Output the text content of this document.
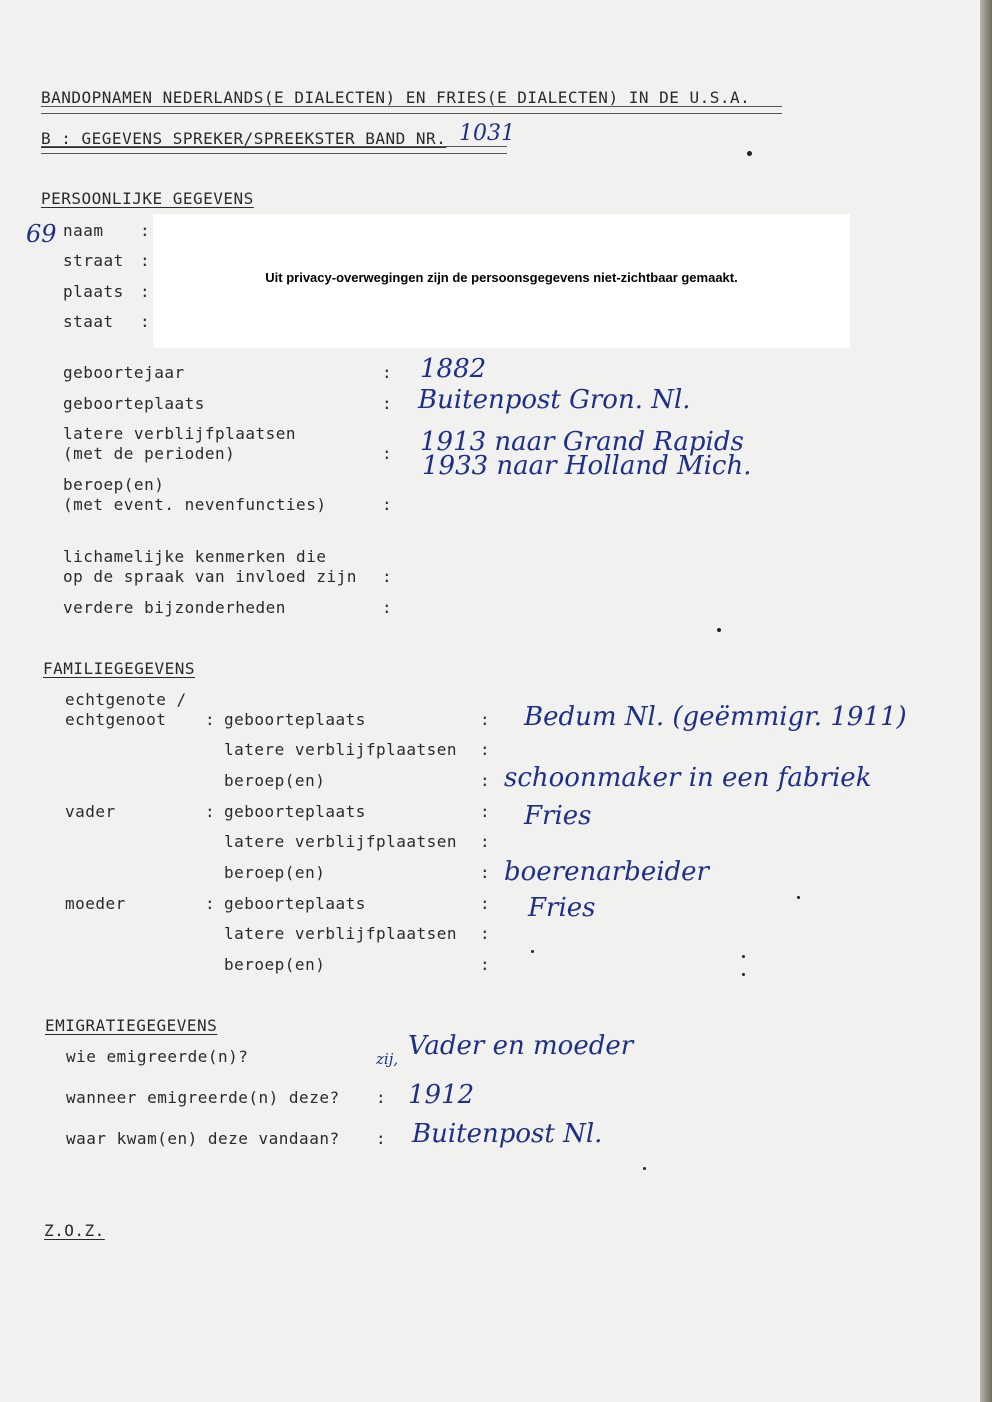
BANDOPNAMEN NEDERLANDS(E DIALECTEN) EN FRIES(E DIALECTEN) IN DE U.S.A.
B : GEGEVENS SPREKER/SPREEKSTER BAND NR. 1031
PERSOONLIJKE GEGEVENS
69 naam :
straat :
plaats :
staat :
Uit privacy-overwegingen zijn de persoonsgegevens niet-zichtbaar gemaakt.
geboortejaar	: 1882
geboorteplaats	: Buitenpost Gron. Nl.
latere verblijfplaatsen
(met de perioden)	: 1913 naar Grand Rapids
1933 naar Holland Mich.
beroep(en)
(met event. nevenfuncties)	:
lichamelijke kenmerken die
op de spraak van invloed zijn :
verdere bijzonderheden	:
FAMILIEGEGEVENS
echtgenote /
echtgenoot : geboorteplaats	: Bedum Nl. (geëmmigr. 1911)
latere verblijfplaatsen :
beroep(en)	: schoonmaker in een fabriek
vader	: geboorteplaats	: Fries
latere verblijfplaatsen :
beroep(en)	: boerenarbeider
moeder	: geboorteplaats	: Fries
latere verblijfplaatsen :
beroep(en)	:
EMIGRATIEGEGEVENS
wie emigreerde(n)?	zij, Vader en moeder
wanneer emigreerde(n) deze? : 1912
waar kwam(en) deze vandaan? : Buitenpost Nl.
Z.O.Z.
